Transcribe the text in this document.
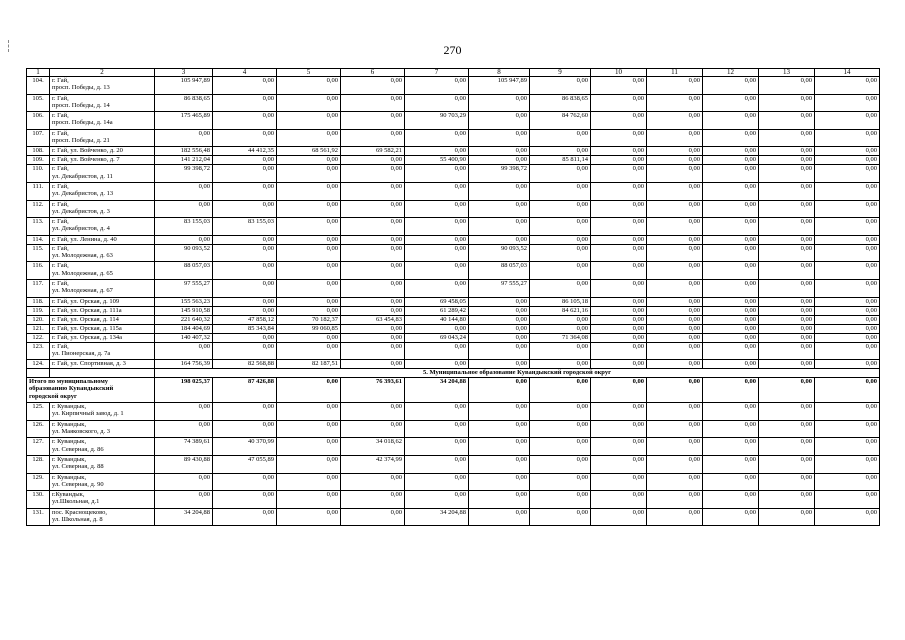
270
1	2	3	4	5	6	7	8	9	10	11	12	13	14
104.	г. Гай,
просп. Победы, д. 13	105 947,89	0,00	0,00	0,00	0,00	105 947,89	0,00	0,00	0,00	0,00	0,00	0,00
105.	г. Гай,
просп. Победы, д. 14	86 838,65	0,00	0,00	0,00	0,00	0,00	86 838,65	0,00	0,00	0,00	0,00	0,00
106.	г. Гай,
просп. Победы, д. 14а	175 465,89	0,00	0,00	0,00	90 703,29	0,00	84 762,60	0,00	0,00	0,00	0,00	0,00
107.	г. Гай,
просп. Победы, д. 21	0,00	0,00	0,00	0,00	0,00	0,00	0,00	0,00	0,00	0,00	0,00	0,00
108.	г. Гай, ул. Войченко, д. 20	182 556,48	44 412,35	68 561,92	69 582,21	0,00	0,00	0,00	0,00	0,00	0,00	0,00	0,00
109.	г. Гай, ул. Войченко, д. 7	141 212,04	0,00	0,00	0,00	55 400,90	0,00	85 811,14	0,00	0,00	0,00	0,00	0,00
110.	г. Гай,
ул. Декабристов, д. 11	99 398,72	0,00	0,00	0,00	0,00	99 398,72	0,00	0,00	0,00	0,00	0,00	0,00
111.	г. Гай,
ул. Декабристов, д. 13	0,00	0,00	0,00	0,00	0,00	0,00	0,00	0,00	0,00	0,00	0,00	0,00
112.	г. Гай,
ул. Декабристов, д. 3	0,00	0,00	0,00	0,00	0,00	0,00	0,00	0,00	0,00	0,00	0,00	0,00
113.	г. Гай,
ул. Декабристов, д. 4	83 155,03	83 155,03	0,00	0,00	0,00	0,00	0,00	0,00	0,00	0,00	0,00	0,00
114.	г. Гай, ул. Ленина, д. 40	0,00	0,00	0,00	0,00	0,00	0,00	0,00	0,00	0,00	0,00	0,00	0,00
115.	г. Гай,
ул. Молодежная, д. 63	90 093,52	0,00	0,00	0,00	0,00	90 093,52	0,00	0,00	0,00	0,00	0,00	0,00
116.	г. Гай,
ул. Молодежная, д. 65	88 057,03	0,00	0,00	0,00	0,00	88 057,03	0,00	0,00	0,00	0,00	0,00	0,00
117.	г. Гай,
ул. Молодежная, д. 67	97 555,27	0,00	0,00	0,00	0,00	97 555,27	0,00	0,00	0,00	0,00	0,00	0,00
118.	г. Гай, ул. Орская, д. 109	155 563,23	0,00	0,00	0,00	69 458,05	0,00	86 105,18	0,00	0,00	0,00	0,00	0,00
119.	г. Гай, ул. Орская, д. 111а	145 910,58	0,00	0,00	0,00	61 289,42	0,00	84 621,16	0,00	0,00	0,00	0,00	0,00
120.	г. Гай, ул. Орская, д. 114	221 640,32	47 858,12	70 182,37	63 454,83	40 144,80	0,00	0,00	0,00	0,00	0,00	0,00	0,00
121.	г. Гай, ул. Орская, д. 115а	184 404,69	85 343,84	99 060,85	0,00	0,00	0,00	0,00	0,00	0,00	0,00	0,00	0,00
122.	г. Гай, ул. Орская, д. 134а	140 407,32	0,00	0,00	0,00	69 043,24	0,00	71 364,08	0,00	0,00	0,00	0,00	0,00
123.	г. Гай,
ул. Пионерская, д. 7а	0,00	0,00	0,00	0,00	0,00	0,00	0,00	0,00	0,00	0,00	0,00	0,00
124.	г. Гай, ул. Спортивная, д. 3	164 756,39	82 568,88	82 187,51	0,00	0,00	0,00	0,00	0,00	0,00	0,00	0,00	0,00
		5. Муниципальное образование Кувандыкский городской округ											

Итого по муниципальному
образованию Кувандыкский
городской округ		198 025,37	87 426,88	0,00	76 393,61	34 204,88	0,00	0,00	0,00	0,00	0,00	0,00	0,00
125.	г. Кувандык,
ул. Кирпичный завод, д. 1	0,00	0,00	0,00	0,00	0,00	0,00	0,00	0,00	0,00	0,00	0,00	0,00
126.	г. Кувандык,
ул. Маяковского, д. 3	0,00	0,00	0,00	0,00	0,00	0,00	0,00	0,00	0,00	0,00	0,00	0,00
127.	г. Кувандык,
ул. Северная, д. 86	74 389,61	40 370,99	0,00	34 018,62	0,00	0,00	0,00	0,00	0,00	0,00	0,00	0,00
128.	г. Кувандык,
ул. Северная, д. 88	89 430,88	47 055,89	0,00	42 374,99	0,00	0,00	0,00	0,00	0,00	0,00	0,00	0,00
129.	г. Кувандык,
ул. Северная, д. 90	0,00	0,00	0,00	0,00	0,00	0,00	0,00	0,00	0,00	0,00	0,00	0,00
130.	г.Кувандык,
ул.Школьная, д.1	0,00	0,00	0,00	0,00	0,00	0,00	0,00	0,00	0,00	0,00	0,00	0,00
131.	пос. Краснощеково,
ул. Школьная, д. 8	34 204,88	0,00	0,00	0,00	34 204,88	0,00	0,00	0,00	0,00	0,00	0,00	0,00
